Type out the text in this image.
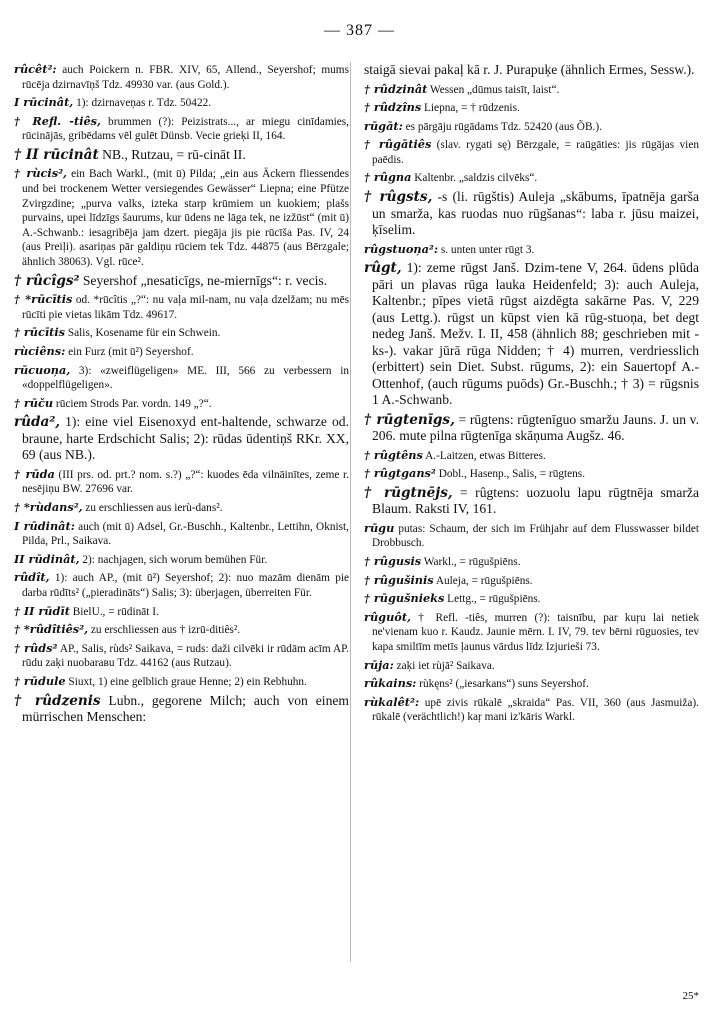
— 387 —

rûcêt²: auch Poickern n. FBR. XIV, 65, Allend., Seyershof; mums rūcēja dzirnavīņš Tdz. 49930 var. (aus Gold.).

I rūcinât, 1): dzirnaveņas r. Tdz. 50422.

† Refl. -tiês, brummen (?): Peizistrats..., ar miegu cinīdamies, rūcinājās, gribēdams vēl gulēt Dünsb. Vecie grieķi II, 164.

† II rūcinât NB., Rutzau, = rū-cināt II.

† rùcis², ein Bach Warkl., (mit ū) Pilda; „ein aus Äckern fliessendes und bei trockenem Wetter versiegendes Gewässer“ Liepna; eine Pfütze Zvirgzdine; „purva valks, izteka starp krūmiem un kuokiem; plašs purvains, upei līdzīgs šaurums, kur ūdens ne lāga tek, ne izžūst“ (mit ū) A.-Schwanb.: iesagribēja jam dzert. piegāja jis pie rūcīša Pas. IV, 24 (aus Preiļi). asariņas pār galdiņu rūciem tek Tdz. 44875 (aus Bērzgale; ähnlich 38063). Vgl. rūce².

† rûcîgs² Seyershof „nesaticīgs, ne-miernīgs“: r. vecis.

† *rūcītis od. *rūcîtis „?“: nu vaļa mil-nam, nu vaļa dzelžam; nu mēs rūcīti pie vietas likām Tdz. 49617.

† rūcītis Salis, Kosename für ein Schwein.

rùciêns: ein Furz (mit ū²) Seyershof.

rūcuoņa, 3): «zweiflügeligen» ME. III, 566 zu verbessern in «doppelflügeligen».

† rūču rūciem Strods Par. vordn. 149 „?“.

rûda², 1): eine viel Eisenoxyd ent-haltende, schwarze od. braune, harte Erdschicht Salis; 2): rūdas ūdentiņš RKr. XX, 69 (aus NB.).

† rūda (III prs. od. prt.? nom. s.?) „?“: kuodes ēda vilnāinītes, zeme r. nesējiņu BW. 27696 var.

† *rùdans², zu erschliessen aus ierù-dans².

I rūdinât: auch (mit ū) Adsel, Gr.-Buschh., Kaltenbr., Lettihn, Oknist, Pilda, Prl., Saikava.

II rūdinât, 2): nachjagen, sich worum bemühen Für.

rûdît, 1): auch AP., (mit ū²) Seyershof; 2): nuo mazām dienām pie darba rūdīts² („pieradināts“) Salis; 3): überjagen, überreiten Für.

† II rūdīt BielU., = rūdināt I.

† *rûdîtiês², zu erschliessen aus † izrū-ditiês².

† rûds² AP., Salis, rùds² Saikava, = ruds: daži cilvēki ir rūdām acīm AP. rūdu zaķi nuobarавu Tdz. 44162 (aus Rutzau).

† rūdule Siuxt, 1) eine gelblich graue Henne; 2) ein Rebhuhn.

† rûdzenis Lubn., gegorene Milch; auch von einem mürrischen Menschen:

staigā sievai pakaļ kā r. J. Purapuķe (ähnlich Ermes, Sessw.).

† rûdzinât Wessen „dūmus taisīt, laist“.

† rûdzîns Liepna, = † rūdzenis.

rūgāt: es pārgāju rūgādams Tdz. 52420 (aus ÕB.).

† rûgātiês (slav. rygati sę) Bērzgale, = raūgāties: jis rūgājas vien paēdis.

† rûgna Kaltenbr. „saldzis cilvēks“.

† rûgsts, -s (li. rūgštis) Auleja „skābums, īpatnēja garša un smarža, kas ruodas nuo rūgšanas“: laba r. jūsu maizei, ķīselim.

rûgstuoņa²: s. unten unter rūgt 3.

rûgt, 1): zeme rūgst Janš. Dzim-tene V, 264. ūdens plūda pāri un plavas rūga lauka Heidenfeld; 3): auch Auleja, Kaltenbr.; pīpes vietā rūgst aizdēgta sakārne Pas. V, 229 (aus Lettg.). rūgst un kūpst vien kā rūg-stuoņa, bet degt nedeg Janš. Mežv. I. II, 458 (ähnlich 88; geschrieben mit -ks-). vakar jūrā rūga Nidden; † 4) murren, verdriesslich (erbittert) sein Diet. Subst. rūgums, 2): ein Sauertopf A.-Ottenhof, (auch rūgums puōds) Gr.-Buschh.; † 3) = rūgsnis 1 A.-Schwanb.

† rūgtenīgs, = rūgtens: rūgtenīguo smaržu Jauns. J. un v. 206. mute pilna rūgtenīga skāņuma Augšz. 46.

† rûgtêns A.-Laitzen, etwas Bitteres.

† rûgtgans² Dobl., Hasenp., Salis, = rūgtens.

† rūgtnējs, = rûgtens: uozuolu lapu rūgtnēja smarža Blaum. Raksti IV, 161.

rūgu putas: Schaum, der sich im Frühjahr auf dem Flusswasser bildet Drobbusch.

† rûgusis Warkl., = rūgušpiēns.

† rûgušinis Auleja, = rūgušpiēns.

† rūgušnieks Lettg., = rūgušpiēns.

rûguôt, † Refl. -tiês, murren (?): taisnību, par kuŗu lai netiek ne'vienam kuo r. Kaudz. Jaunie mērn. I. IV, 79. tev bērni rūguosies, tev kapa smiltīm metīs ļaunus vārdus līdz Izjurieši 73.

rūja: zaķi iet rùjā² Saikava.

rûkains: rùkęns² („iesarkans“) suns Seyershof.

rùkalêt²: upē zivis rūkalē „skraida“ Pas. VII, 360 (aus Jasmuiža). rūkalē (verächtlich!) kaŗ mani iz'kāris Warkl.

25*
